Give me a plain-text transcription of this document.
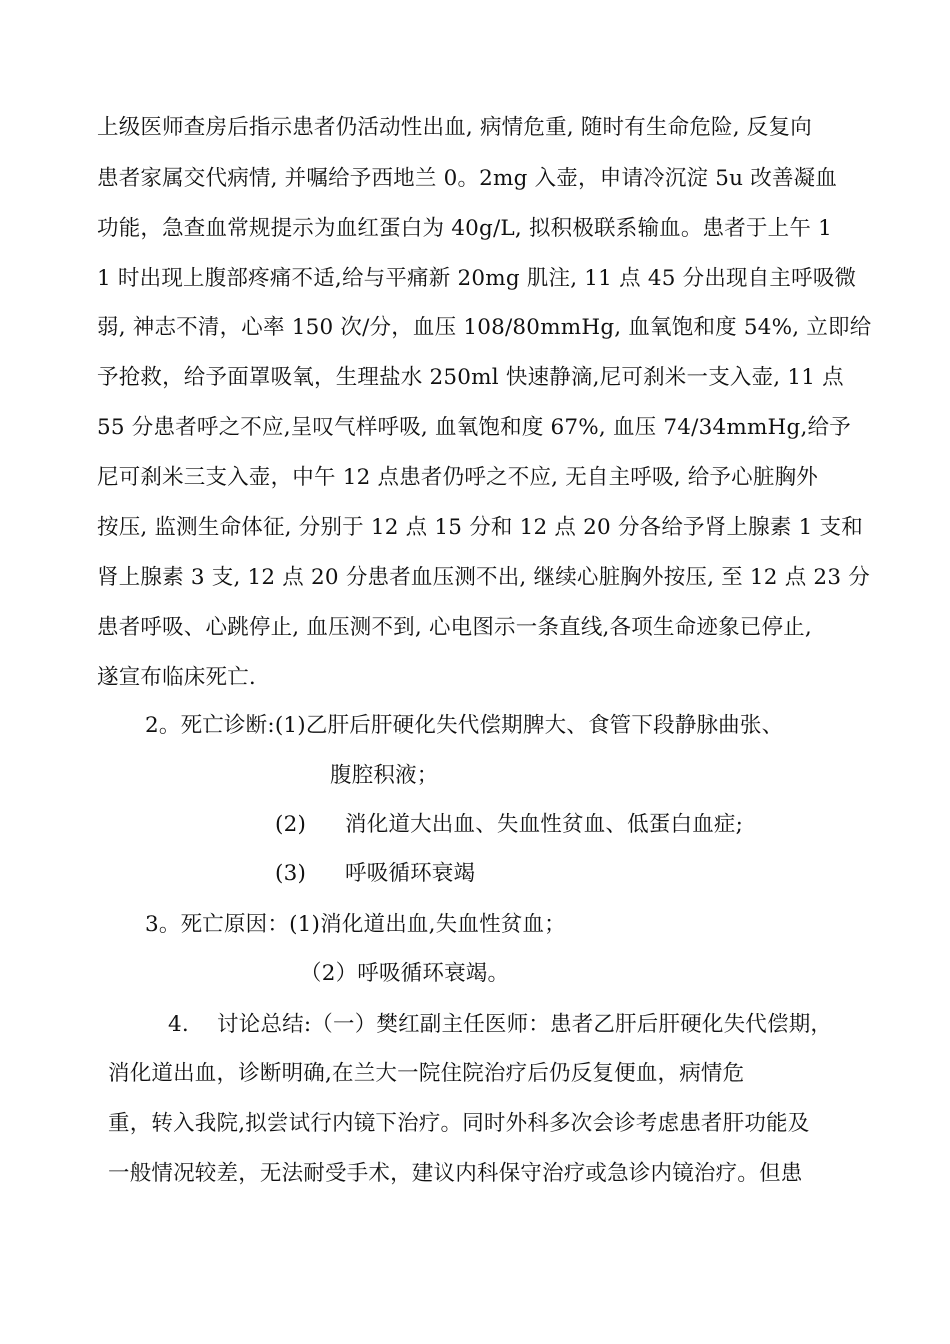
上级医师查房后指示患者仍活动性出血, 病情危重, 随时有生命危险, 反复向
患者家属交代病情, 并嘱给予西地兰 0。2mg 入壶，申请冷沉淀 5u 改善凝血
功能，急查血常规提示为血红蛋白为 40g/L, 拟积极联系输血。患者于上午 1
1 时出现上腹部疼痛不适,给与平痛新 20mg 肌注, 11 点 45 分出现自主呼吸微
弱, 神志不清，心率 150 次/分，血压 108/80mmHg, 血氧饱和度 54%, 立即给
予抢救，给予面罩吸氧，生理盐水 250ml 快速静滴,尼可刹米一支入壶, 11 点
55 分患者呼之不应,呈叹气样呼吸, 血氧饱和度 67%, 血压 74/34mmHg,给予
尼可刹米三支入壶，中午 12 点患者仍呼之不应, 无自主呼吸, 给予心脏胸外
按压, 监测生命体征, 分别于 12 点 15 分和 12 点 20 分各给予肾上腺素 1 支和
肾上腺素 3 支, 12 点 20 分患者血压测不出, 继续心脏胸外按压, 至 12 点 23 分
患者呼吸、心跳停止, 血压测不到, 心电图示一条直线,各项生命迹象已停止,
遂宣布临床死亡.
2。死亡诊断:(1)乙肝后肝硬化失代偿期脾大、食管下段静脉曲张、
腹腔积液；
(2) 消化道大出血、失血性贫血、低蛋白血症;
(3) 呼吸循环衰竭
3。死亡原因：(1)消化道出血,失血性贫血；
（2）呼吸循环衰竭。
4.    讨论总结:（一）樊红副主任医师：患者乙肝后肝硬化失代偿期，
消化道出血，诊断明确,在兰大一院住院治疗后仍反复便血，病情危
重，转入我院,拟尝试行内镜下治疗。同时外科多次会诊考虑患者肝功能及
一般情况较差，无法耐受手术，建议内科保守治疗或急诊内镜治疗。但患
